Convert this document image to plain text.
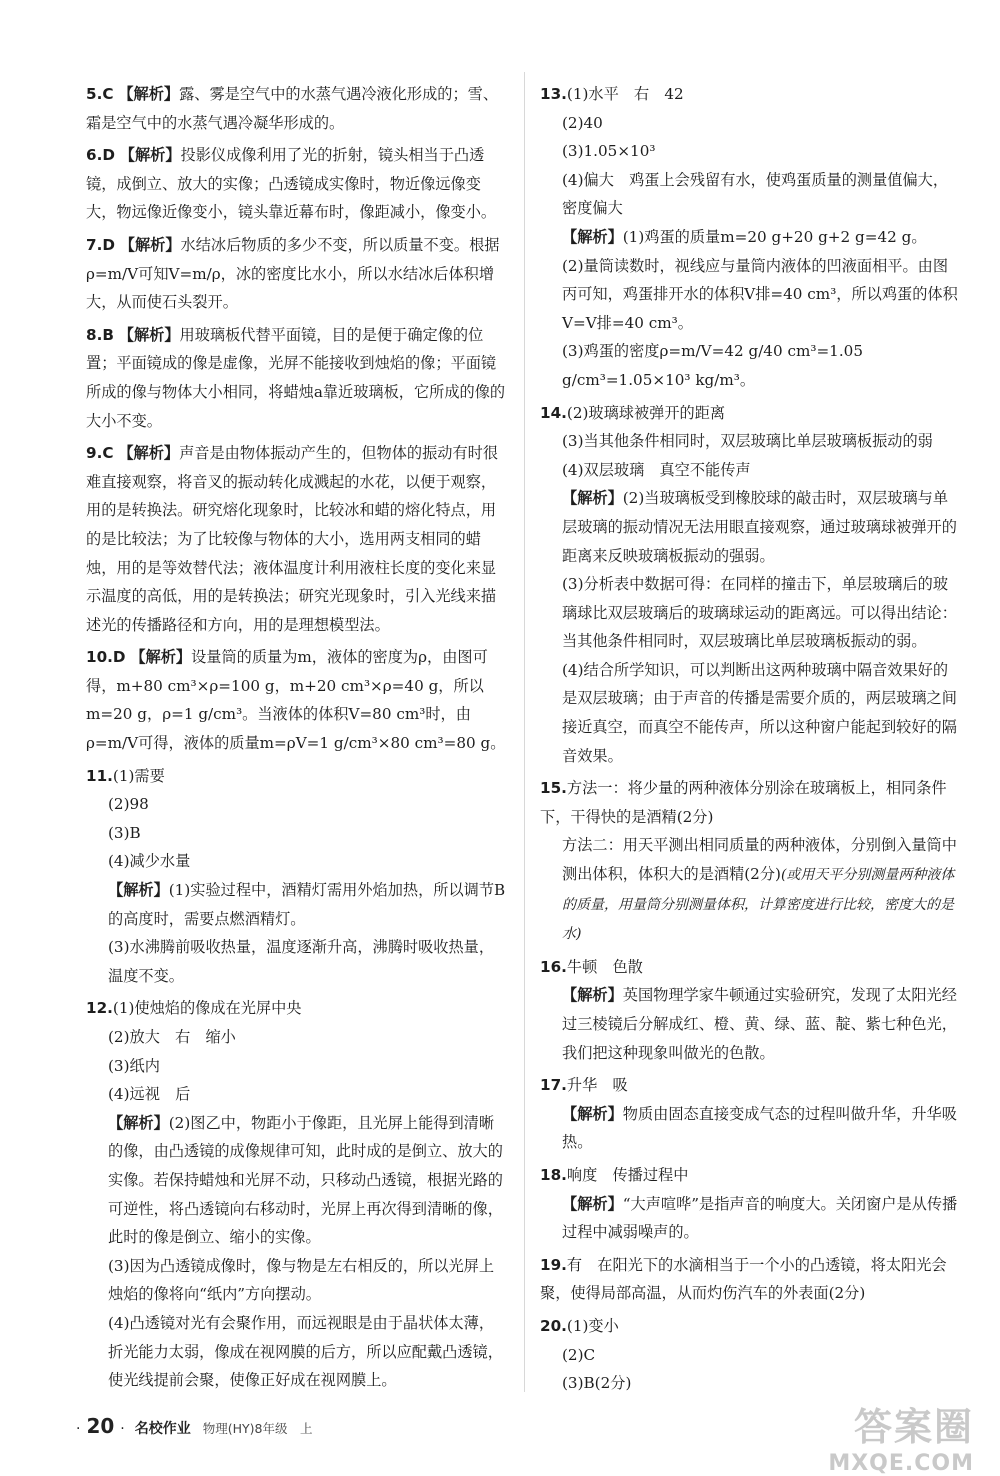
5.C 【解析】露、雾是空气中的水蒸气遇冷液化形成的；雪、霜是空气中的水蒸气遇冷凝华形成的。
6.D 【解析】投影仪成像利用了光的折射，镜头相当于凸透镜，成倒立、放大的实像；凸透镜成实像时，物近像远像变大，物远像近像变小，镜头靠近幕布时，像距减小，像变小。
7.D 【解析】水结冰后物质的多少不变，所以质量不变。根据ρ=m/V可知V=m/ρ，冰的密度比水小，所以水结冰后体积增大，从而使石头裂开。
8.B 【解析】用玻璃板代替平面镜，目的是便于确定像的位置；平面镜成的像是虚像，光屏不能接收到烛焰的像；平面镜所成的像与物体大小相同，将蜡烛a靠近玻璃板，它所成的像的大小不变。
9.C 【解析】声音是由物体振动产生的，但物体的振动有时很难直接观察，将音叉的振动转化成溅起的水花，以便于观察，用的是转换法。研究熔化现象时，比较冰和蜡的熔化特点，用的是比较法；为了比较像与物体的大小，选用两支相同的蜡烛，用的是等效替代法；液体温度计利用液柱长度的变化来显示温度的高低，用的是转换法；研究光现象时，引入光线来描述光的传播路径和方向，用的是理想模型法。
10.D 【解析】设量筒的质量为m，液体的密度为ρ，由图可得，m+80 cm³×ρ=100 g，m+20 cm³×ρ=40 g，所以m=20 g，ρ=1 g/cm³。当液体的体积V=80 cm³时，由ρ=m/V可得，液体的质量m=ρV=1 g/cm³×80 cm³=80 g。
11.(1)需要
(2)98
(3)B
(4)减少水量
【解析】(1)实验过程中，酒精灯需用外焰加热，所以调节B的高度时，需要点燃酒精灯。
(3)水沸腾前吸收热量，温度逐渐升高，沸腾时吸收热量，温度不变。
12.(1)使烛焰的像成在光屏中央
(2)放大　右　缩小
(3)纸内
(4)远视　后
【解析】(2)图乙中，物距小于像距，且光屏上能得到清晰的像，由凸透镜的成像规律可知，此时成的是倒立、放大的实像。若保持蜡烛和光屏不动，只移动凸透镜，根据光路的可逆性，将凸透镜向右移动时，光屏上再次得到清晰的像，此时的像是倒立、缩小的实像。
(3)因为凸透镜成像时，像与物是左右相反的，所以光屏上烛焰的像将向“纸内”方向摆动。
(4)凸透镜对光有会聚作用，而远视眼是由于晶状体太薄，折光能力太弱，像成在视网膜的后方，所以应配戴凸透镜，使光线提前会聚，使像正好成在视网膜上。
13.(1)水平　右　42
(2)40
(3)1.05×10³
(4)偏大　鸡蛋上会残留有水，使鸡蛋质量的测量值偏大，密度偏大
【解析】(1)鸡蛋的质量m=20 g+20 g+2 g=42 g。
(2)量筒读数时，视线应与量筒内液体的凹液面相平。由图丙可知，鸡蛋排开水的体积V排=40 cm³，所以鸡蛋的体积V=V排=40 cm³。
(3)鸡蛋的密度ρ=m/V=42 g/40 cm³=1.05 g/cm³=1.05×10³ kg/m³。
14.(2)玻璃球被弹开的距离
(3)当其他条件相同时，双层玻璃比单层玻璃板振动的弱
(4)双层玻璃　真空不能传声
【解析】(2)当玻璃板受到橡胶球的敲击时，双层玻璃与单层玻璃的振动情况无法用眼直接观察，通过玻璃球被弹开的距离来反映玻璃板振动的强弱。
(3)分析表中数据可得：在同样的撞击下，单层玻璃后的玻璃球比双层玻璃后的玻璃球运动的距离远。可以得出结论：当其他条件相同时，双层玻璃比单层玻璃板振动的弱。
(4)结合所学知识，可以判断出这两种玻璃中隔音效果好的是双层玻璃；由于声音的传播是需要介质的，两层玻璃之间接近真空，而真空不能传声，所以这种窗户能起到较好的隔音效果。
15.方法一：将少量的两种液体分别涂在玻璃板上，相同条件下，干得快的是酒精(2分)
方法二：用天平测出相同质量的两种液体，分别倒入量筒中测出体积，体积大的是酒精(2分)(或用天平分别测量两种液体的质量，用量筒分别测量体积，计算密度进行比较，密度大的是水)
16.牛顿　色散
【解析】英国物理学家牛顿通过实验研究，发现了太阳光经过三棱镜后分解成红、橙、黄、绿、蓝、靛、紫七种色光，我们把这种现象叫做光的色散。
17.升华　吸
【解析】物质由固态直接变成气态的过程叫做升华，升华吸热。
18.响度　传播过程中
【解析】“大声喧哗”是指声音的响度大。关闭窗户是从传播过程中减弱噪声的。
19.有　在阳光下的水滴相当于一个小的凸透镜，将太阳光会聚，使得局部高温，从而灼伤汽车的外表面(2分)
20.(1)变小
(2)C
(3)B(2分)
· 20 · 名校作业 物理(HY)8年级　上	答案圈
MXQE.COM
